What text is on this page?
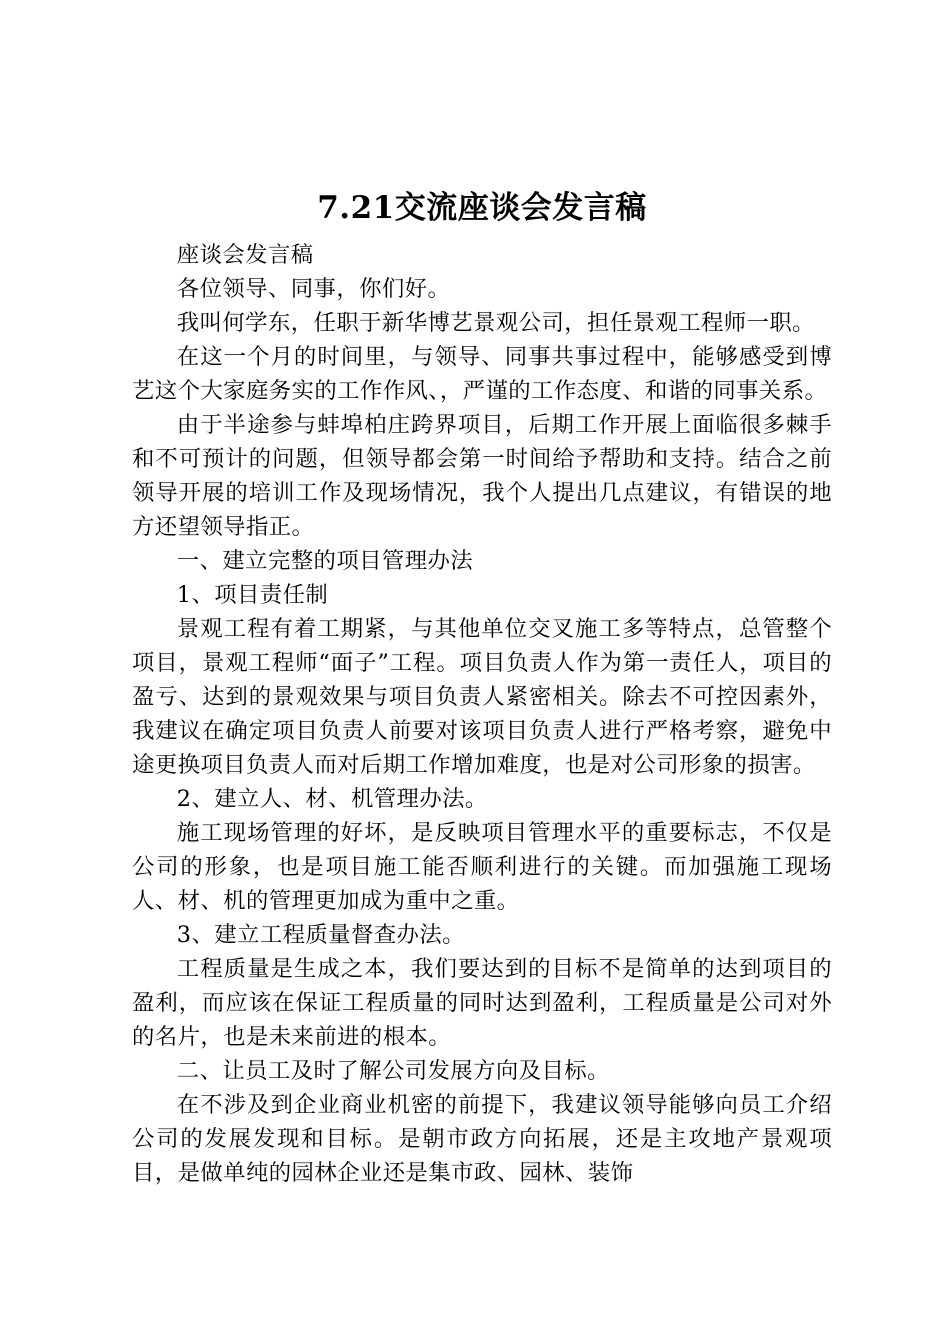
7.21交流座谈会发言稿

座谈会发言稿

各位领导、同事，你们好。

我叫何学东，任职于新华博艺景观公司，担任景观工程师一职。

在这一个月的时间里，与领导、同事共事过程中，能够感受到博艺这个大家庭务实的工作作风、，严谨的工作态度、和谐的同事关系。

由于半途参与蚌埠柏庄跨界项目，后期工作开展上面临很多棘手和不可预计的问题，但领导都会第一时间给予帮助和支持。结合之前领导开展的培训工作及现场情况，我个人提出几点建议，有错误的地方还望领导指正。

一、建立完整的项目管理办法

1、项目责任制

景观工程有着工期紧，与其他单位交叉施工多等特点，总管整个项目，景观工程师“面子”工程。项目负责人作为第一责任人，项目的盈亏、达到的景观效果与项目负责人紧密相关。除去不可控因素外，我建议在确定项目负责人前要对该项目负责人进行严格考察，避免中途更换项目负责人而对后期工作增加难度，也是对公司形象的损害。

2、建立人、材、机管理办法。

施工现场管理的好坏，是反映项目管理水平的重要标志，不仅是公司的形象，也是项目施工能否顺利进行的关键。而加强施工现场人、材、机的管理更加成为重中之重。

3、建立工程质量督查办法。

工程质量是生成之本，我们要达到的目标不是简单的达到项目的盈利，而应该在保证工程质量的同时达到盈利，工程质量是公司对外的名片，也是未来前进的根本。

二、让员工及时了解公司发展方向及目标。

在不涉及到企业商业机密的前提下，我建议领导能够向员工介绍公司的发展发现和目标。是朝市政方向拓展，还是主攻地产景观项目，是做单纯的园林企业还是集市政、园林、装饰
